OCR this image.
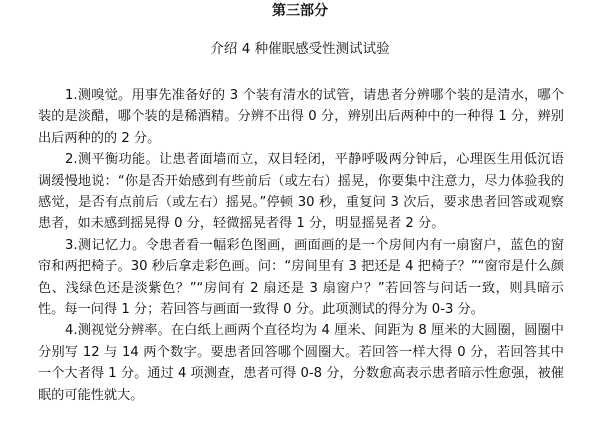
第三部分
介绍 4 种催眠感受性测试试验

1.测嗅觉。用事先准备好的 3 个装有清水的试管，请患者分辨哪个装的是清水，哪个装的是淡醋，哪个装的是稀酒精。分辨不出得 0 分，辨别出后两种中的一种得 1 分，辨别出后两种的的 2 分。

2.测平衡功能。让患者面墙而立，双目轻闭，平静呼吸两分钟后，心理医生用低沉语调缓慢地说：“你是否开始感到有些前后（或左右）摇晃，你要集中注意力，尽力体验我的感觉，是否有点前后（或左右）摇晃。”停顿 30 秒，重复问 3 次后，要求患者回答或观察患者，如未感到摇晃得 0 分，轻微摇晃者得 1 分，明显摇晃者 2 分。

3.测记忆力。令患者看一幅彩色图画，画面画的是一个房间内有一扇窗户，蓝色的窗帘和两把椅子。30 秒后拿走彩色画。问：“房间里有 3 把还是 4 把椅子？”“窗帘是什么颜色、浅绿色还是淡紫色？”“房间有 2 扇还是 3 扇窗户？”若回答与问话一致，则具暗示性。每一问得 1 分；若回答与画面一致得 0 分。此项测试的得分为 0-3 分。

4.测视觉分辨率。在白纸上画两个直径均为 4 厘米、间距为 8 厘米的大圆圈，圆圈中分别写 12 与 14 两个数字。要患者回答哪个圆圈大。若回答一样大得 0 分，若回答其中一个大者得 1 分。通过 4 项测查，患者可得 0-8 分，分数愈高表示患者暗示性愈强，被催眠的可能性就大。
